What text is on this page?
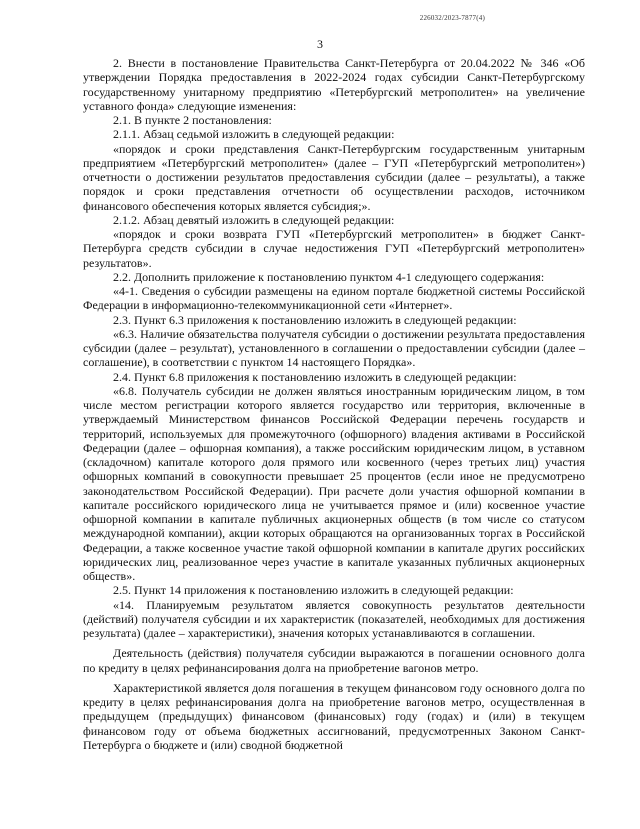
226032/2023-7877(4)
3

2. Внести в постановление Правительства Санкт-Петербурга от 20.04.2022 № 346 «Об утверждении Порядка предоставления в 2022-2024 годах субсидии Санкт-Петербургскому государственному унитарному предприятию «Петербургский метрополитен» на увеличение уставного фонда» следующие изменения:

2.1. В пункте 2 постановления:

2.1.1. Абзац седьмой изложить в следующей редакции:

«порядок и сроки представления Санкт-Петербургским государственным унитарным предприятием «Петербургский метрополитен» (далее – ГУП «Петербургский метрополитен») отчетности о достижении результатов предоставления субсидии (далее – результаты), а также порядок и сроки представления отчетности об осуществлении расходов, источником финансового обеспечения которых является субсидия;».

2.1.2. Абзац девятый изложить в следующей редакции:

«порядок и сроки возврата ГУП «Петербургский метрополитен» в бюджет Санкт-Петербурга средств субсидии в случае недостижения ГУП «Петербургский метрополитен» результатов».

2.2. Дополнить приложение к постановлению пунктом 4-1 следующего содержания:

«4-1. Сведения о субсидии размещены на едином портале бюджетной системы Российской Федерации в информационно-телекоммуникационной сети «Интернет».

2.3. Пункт 6.3 приложения к постановлению изложить в следующей редакции:

«6.3. Наличие обязательства получателя субсидии о достижении результата предоставления субсидии (далее – результат), установленного в соглашении о предоставлении субсидии (далее – соглашение), в соответствии с пунктом 14 настоящего Порядка».

2.4. Пункт 6.8 приложения к постановлению изложить в следующей редакции:

«6.8. Получатель субсидии не должен являться иностранным юридическим лицом, в том числе местом регистрации которого является государство или территория, включенные в утверждаемый Министерством финансов Российской Федерации перечень государств и территорий, используемых для промежуточного (офшорного) владения активами в Российской Федерации (далее – офшорная компания), а также российским юридическим лицом, в уставном (складочном) капитале которого доля прямого или косвенного (через третьих лиц) участия офшорных компаний в совокупности превышает 25 процентов (если иное не предусмотрено законодательством Российской Федерации). При расчете доли участия офшорной компании в капитале российского юридического лица не учитывается прямое и (или) косвенное участие офшорной компании в капитале публичных акционерных обществ (в том числе со статусом международной компании), акции которых обращаются на организованных торгах в Российской Федерации, а также косвенное участие такой офшорной компании в капитале других российских юридических лиц, реализованное через участие в капитале указанных публичных акционерных обществ».

2.5. Пункт 14 приложения к постановлению изложить в следующей редакции:

«14. Планируемым результатом является совокупность результатов деятельности (действий) получателя субсидии и их характеристик (показателей, необходимых для достижения результата) (далее – характеристики), значения которых устанавливаются в соглашении.

Деятельность (действия) получателя субсидии выражаются в погашении основного долга по кредиту в целях рефинансирования долга на приобретение вагонов метро.

Характеристикой является доля погашения в текущем финансовом году основного долга по кредиту в целях рефинансирования долга на приобретение вагонов метро, осуществленная в предыдущем (предыдущих) финансовом (финансовых) году (годах) и (или) в текущем финансовом году от объема бюджетных ассигнований, предусмотренных Законом Санкт-Петербурга о бюджете и (или) сводной бюджетной
